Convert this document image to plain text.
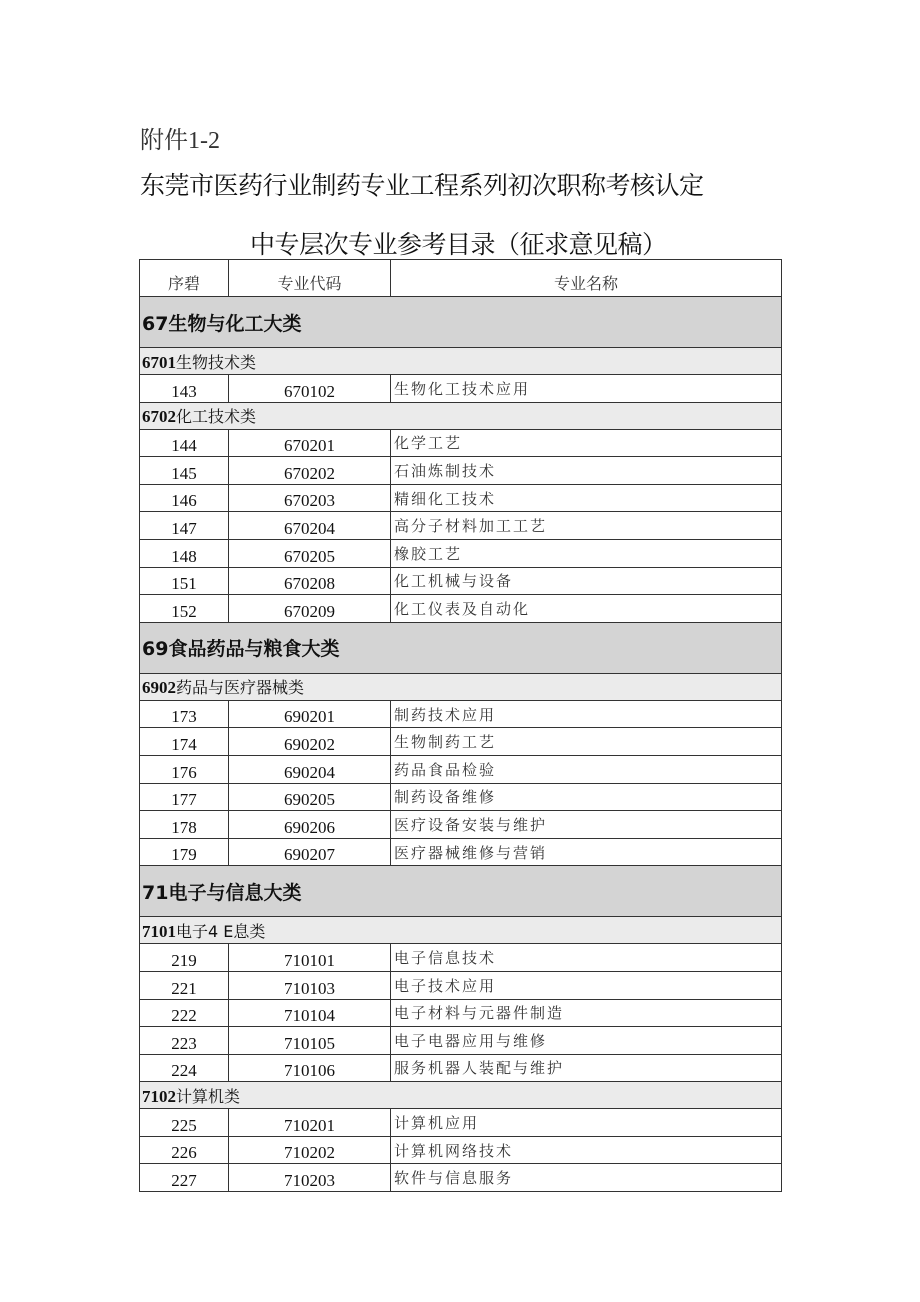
附件1-2
东莞市医药行业制药专业工程系列初次职称考核认定
中专层次专业参考目录（征求意见稿）
序碧	专业代码	专业名称
67生物与化工大类		
6701生物技术类		
143	670102	生物化工技术应用
6702化工技术类		
144	670201	化学工艺
145	670202	石油炼制技术
146	670203	精细化工技术
147	670204	高分子材料加工工艺
148	670205	橡胶工艺
151	670208	化工机械与设备
152	670209	化工仪表及自动化
69食品药品与粮食大类		
6902药品与医疗器械类		
173	690201	制药技术应用
174	690202	生物制药工艺
176	690204	药品食品检验
177	690205	制药设备维修
178	690206	医疗设备安装与维护
179	690207	医疗器械维修与营销
71电子与信息大类		
7101电子4 E息类		
219	710101	电子信息技术
221	710103	电子技术应用
222	710104	电子材料与元器件制造
223	710105	电子电器应用与维修
224	710106	服务机器人装配与维护
7102计算机类		
225	710201	计算机应用
226	710202	计算机网络技术
227	710203	软件与信息服务
